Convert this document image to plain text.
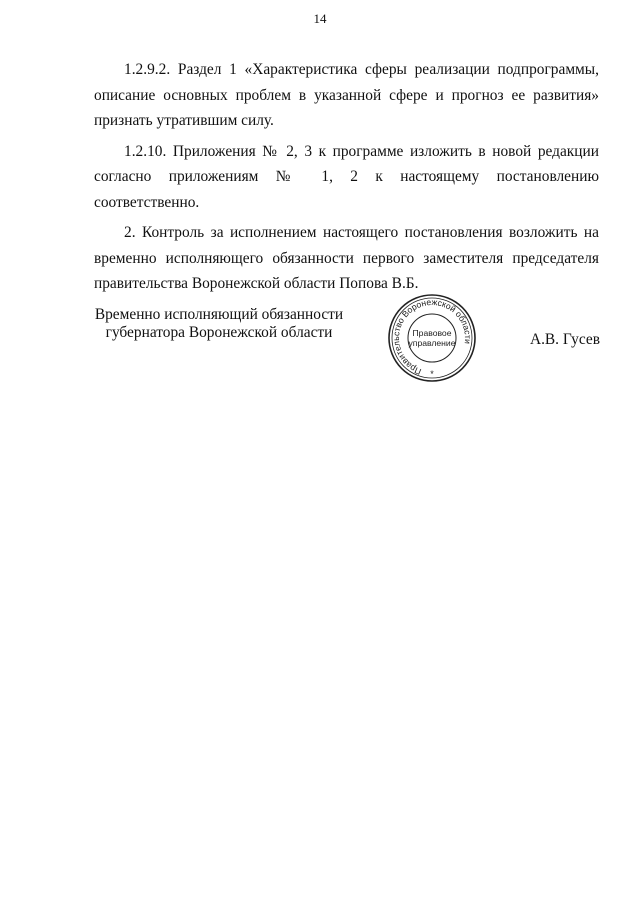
14

1.2.9.2. Раздел 1 «Характеристика сферы реализации подпрограммы, описание основных проблем в указанной сфере и прогноз ее развития» признать утратившим силу.

1.2.10. Приложения № 2, 3 к программе изложить в новой редакции согласно приложениям № 1, 2 к настоящему постановлению соответственно.

2. Контроль за исполнением настоящего постановления возложить на временно исполняющего обязанности первого заместителя председателя правительства Воронежской области Попова В.Б.

Временно исполняющий обязанности
губернатора Воронежской области
Правительство Воронежской области
Правовое
управление
*
А.В. Гусев
